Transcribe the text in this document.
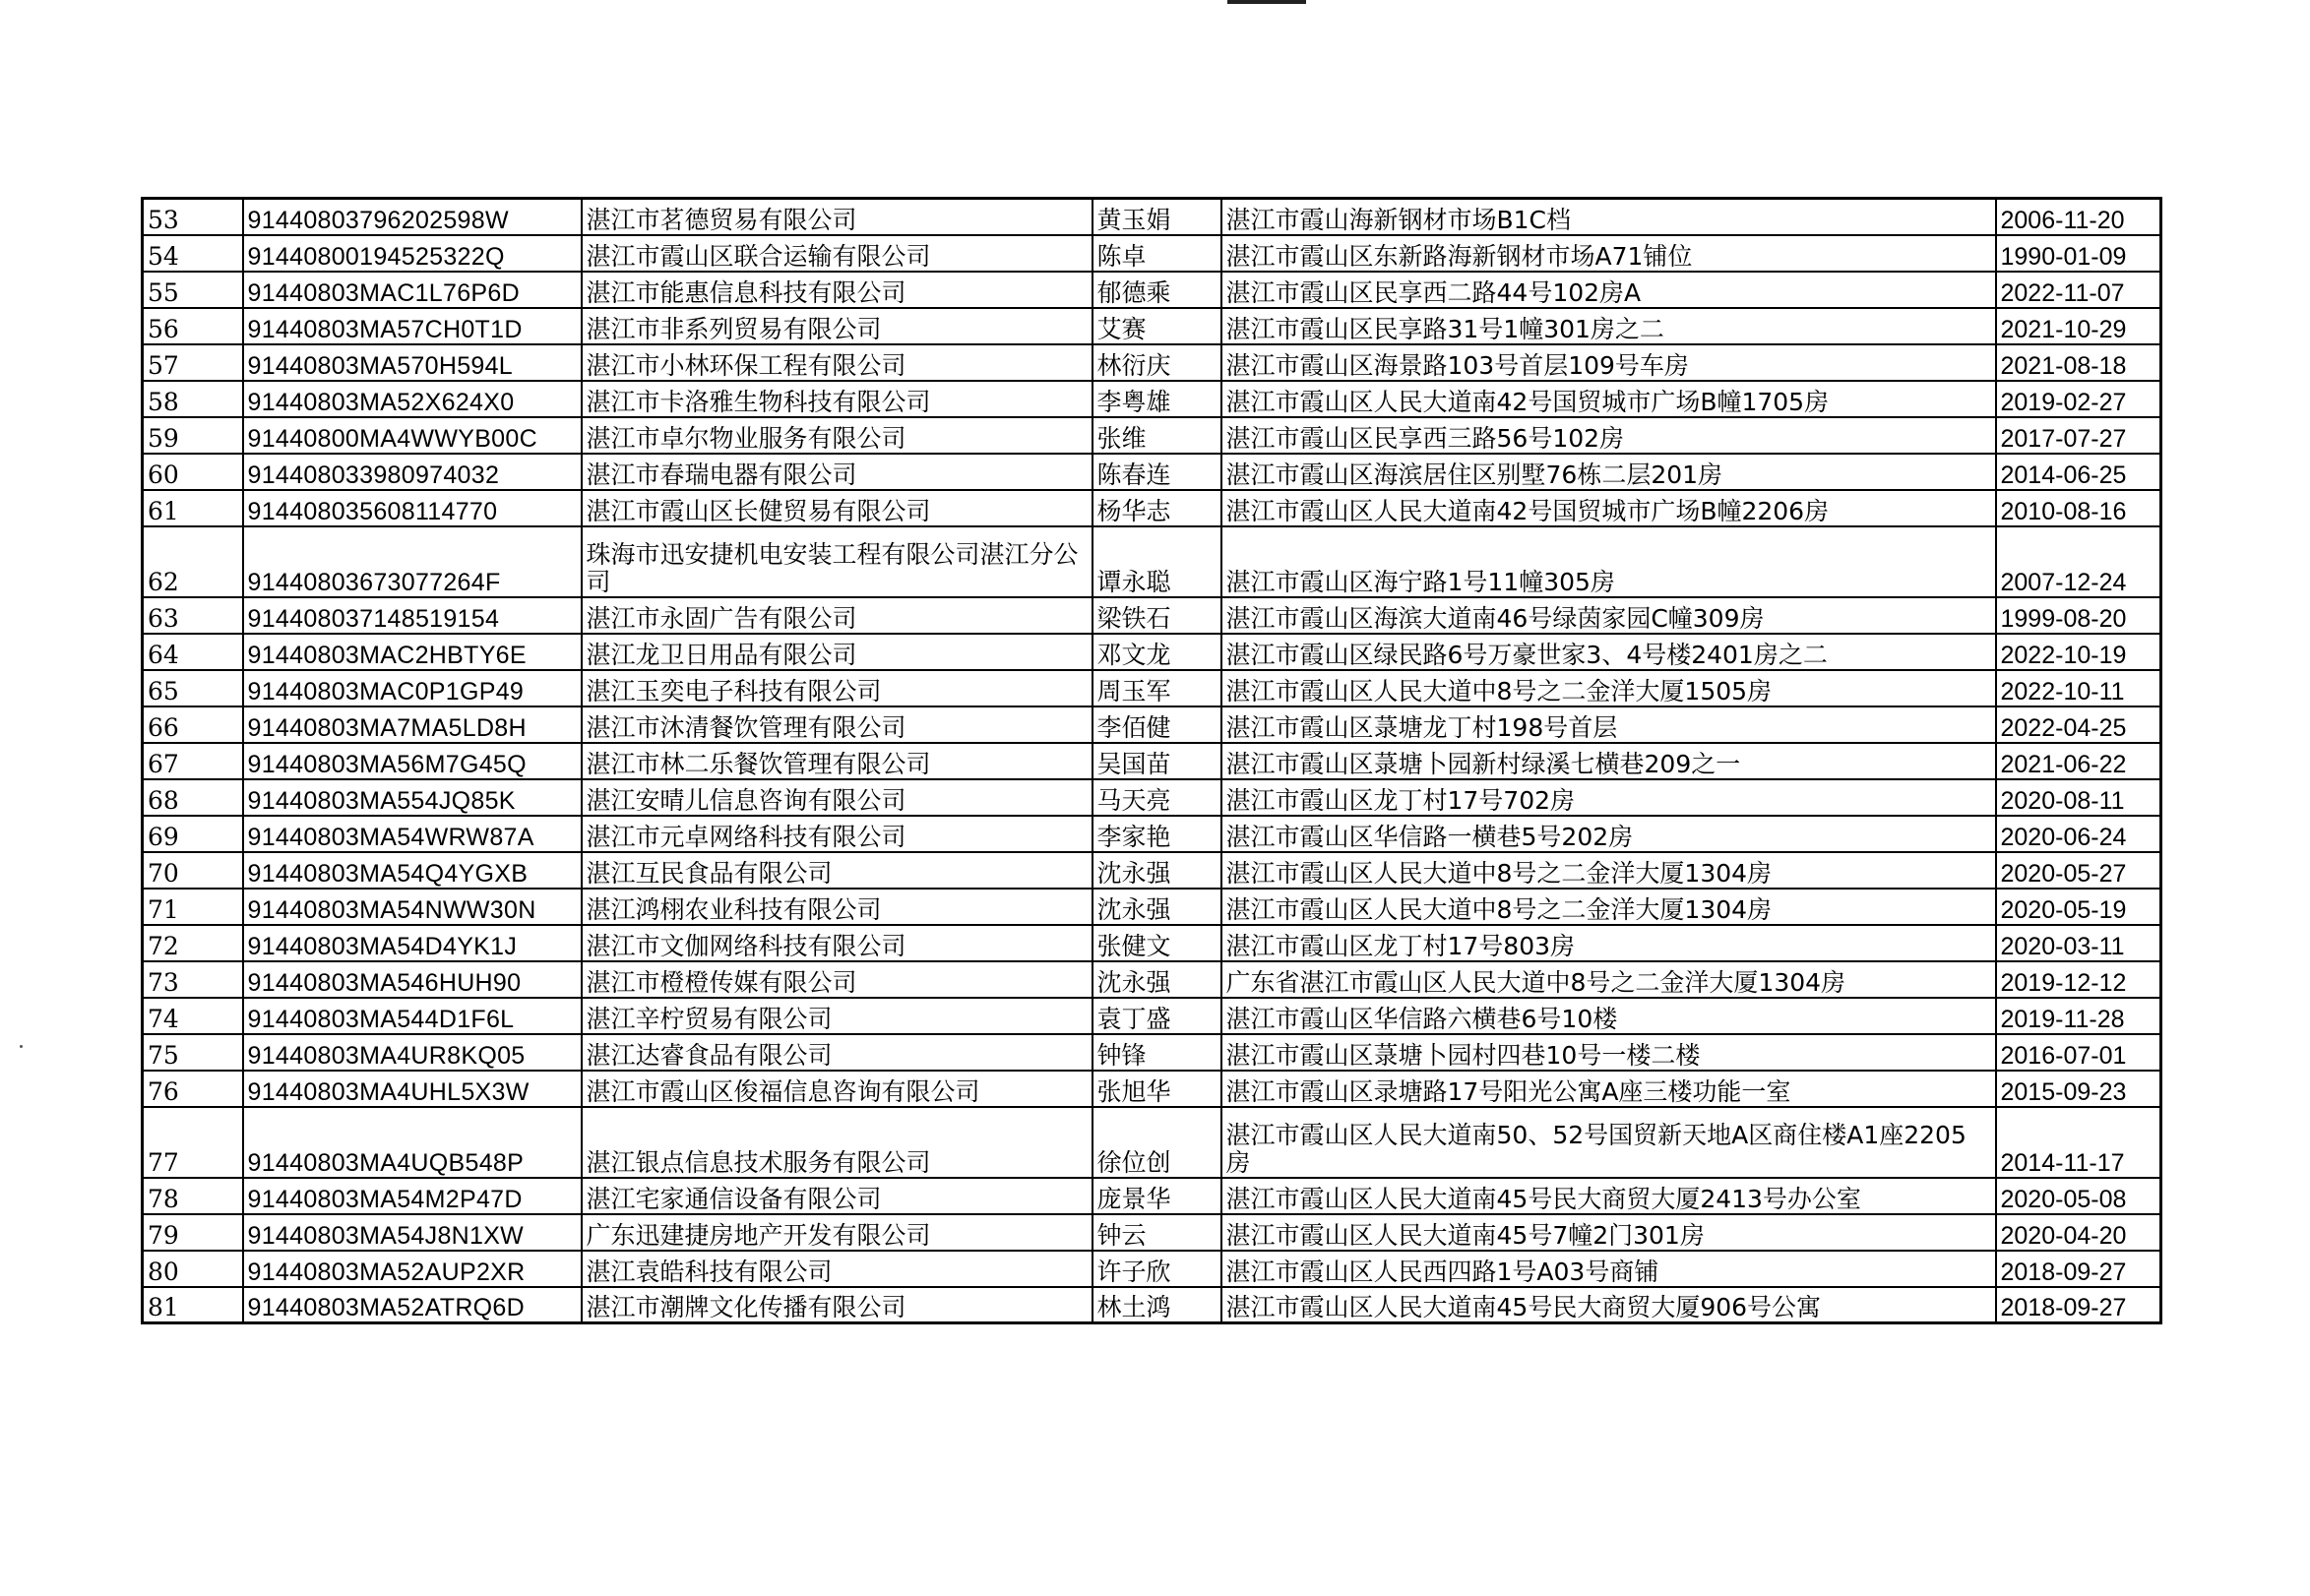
53	914408037962025​98W	湛江市茗德贸易有限公司	黄玉娟	湛江市霞山海新钢材市场B1C档	2006-11-20
54	91440800194525322Q	湛江市霞山区联合运输有限公司	陈卓	湛江市霞山区东新路海新钢材市场A71铺位	1990-01-09
55	91440803MAC1L76P6D	湛江市能惠信息科技有限公司	郁德乘	湛江市霞山区民享西二路44号102房A	2022-11-07
56	91440803MA57CH0T1D	湛江市非系列贸易有限公司	艾赛	湛江市霞山区民享路31号1幢301房之二	2021-10-29
57	91440803MA570H594L	湛江市小林环保工程有限公司	林衍庆	湛江市霞山区海景路103号首层109号车房	2021-08-18
58	91440803MA52X624X0	湛江市卡洛雅生物科技有限公司	李粤雄	湛江市霞山区人民大道南42号国贸城市广场B幢1705房	2019-02-27
59	91440800MA4WWYB00C	湛江市卓尔物业服务有限公司	张维	湛江市霞山区民享西三路56号102房	2017-07-27
60	914408033980974032	湛江市春瑞电器有限公司	陈春连	湛江市霞山区海滨居住区别墅76栋二层201房	2014-06-25
61	914408035608114770	湛江市霞山区长健贸易有限公司	杨华志	湛江市霞山区人民大道南42号国贸城市广场B幢2206房	2010-08-16
62	91440803673077264F	珠海市迅安捷机电安装工程有限公司湛江分公司	谭永聪	湛江市霞山区海宁路1号11幢305房	2007-12-24
63	914408037148519154	湛江市永固广告有限公司	梁铁石	湛江市霞山区海滨大道南46号绿茵家园C幢309房	1999-08-20
64	91440803MAC2HBTY6E	湛江龙卫日用品有限公司	邓文龙	湛江市霞山区绿民路6号万豪世家3、4号楼2401房之二	2022-10-19
65	91440803MAC0P1GP49	湛江玉奕电子科技有限公司	周玉军	湛江市霞山区人民大道中8号之二金洋大厦1505房	2022-10-11
66	91440803MA7MA5LD8H	湛江市沐清餐饮管理有限公司	李佰健	湛江市霞山区菉塘龙丁村198号首层	2022-04-25
67	91440803MA56M7G45Q	湛江市林二乐餐饮管理有限公司	吴国苗	湛江市霞山区菉塘卜园新村绿溪七横巷209之一	2021-06-22
68	91440803MA554JQ85K	湛江安晴儿信息咨询有限公司	马天亮	湛江市霞山区龙丁村17号702房	2020-08-11
69	91440803MA54WRW87A	湛江市元卓网络科技有限公司	李家艳	湛江市霞山区华信路一横巷5号202房	2020-06-24
70	91440803MA54Q4YGXB	湛江互民食品有限公司	沈永强	湛江市霞山区人民大道中8号之二金洋大厦1304房	2020-05-27
71	91440803MA54NWW30N	湛江鸿栩农业科技有限公司	沈永强	湛江市霞山区人民大道中8号之二金洋大厦1304房	2020-05-19
72	91440803MA54D4YK1J	湛江市文伽网络科技有限公司	张健文	湛江市霞山区龙丁村17号803房	2020-03-11
73	91440803MA546HUH90	湛江市橙橙传媒有限公司	沈永强	广东省湛江市霞山区人民大道中8号之二金洋大厦1304房	2019-12-12
74	91440803MA544D1F6L	湛江辛柠贸易有限公司	袁丁盛	湛江市霞山区华信路六横巷6号10楼	2019-11-28
75	91440803MA4UR8KQ05	湛江达睿食品有限公司	钟锋	湛江市霞山区菉塘卜园村四巷10号一楼二楼	2016-07-01
76	91440803MA4UHL5X3W	湛江市霞山区俊福信息咨询有限公司	张旭华	湛江市霞山区录塘路17号阳光公寓A座三楼功能一室	2015-09-23
77	91440803MA4UQB548P	湛江银点信息技术服务有限公司	徐位创	湛江市霞山区人民大道南50、52号国贸新天地A区商住楼A1座2205房	2014-11-17
78	91440803MA54M2P47D	湛江宅家通信设备有限公司	庞景华	湛江市霞山区人民大道南45号民大商贸大厦2413号办公室	2020-05-08
79	91440803MA54J8N1XW	广东迅建捷房地产开发有限公司	钟云	湛江市霞山区人民大道南45号7幢2门301房	2020-04-20
80	91440803MA52AUP2XR	湛江袁皓科技有限公司	许子欣	湛江市霞山区人民西四路1号A03号商铺	2018-09-27
81	91440803MA52ATRQ6D	湛江市潮牌文化传播有限公司	林土鸿	湛江市霞山区人民大道南45号民大商贸大厦906号公寓	2018-09-27
